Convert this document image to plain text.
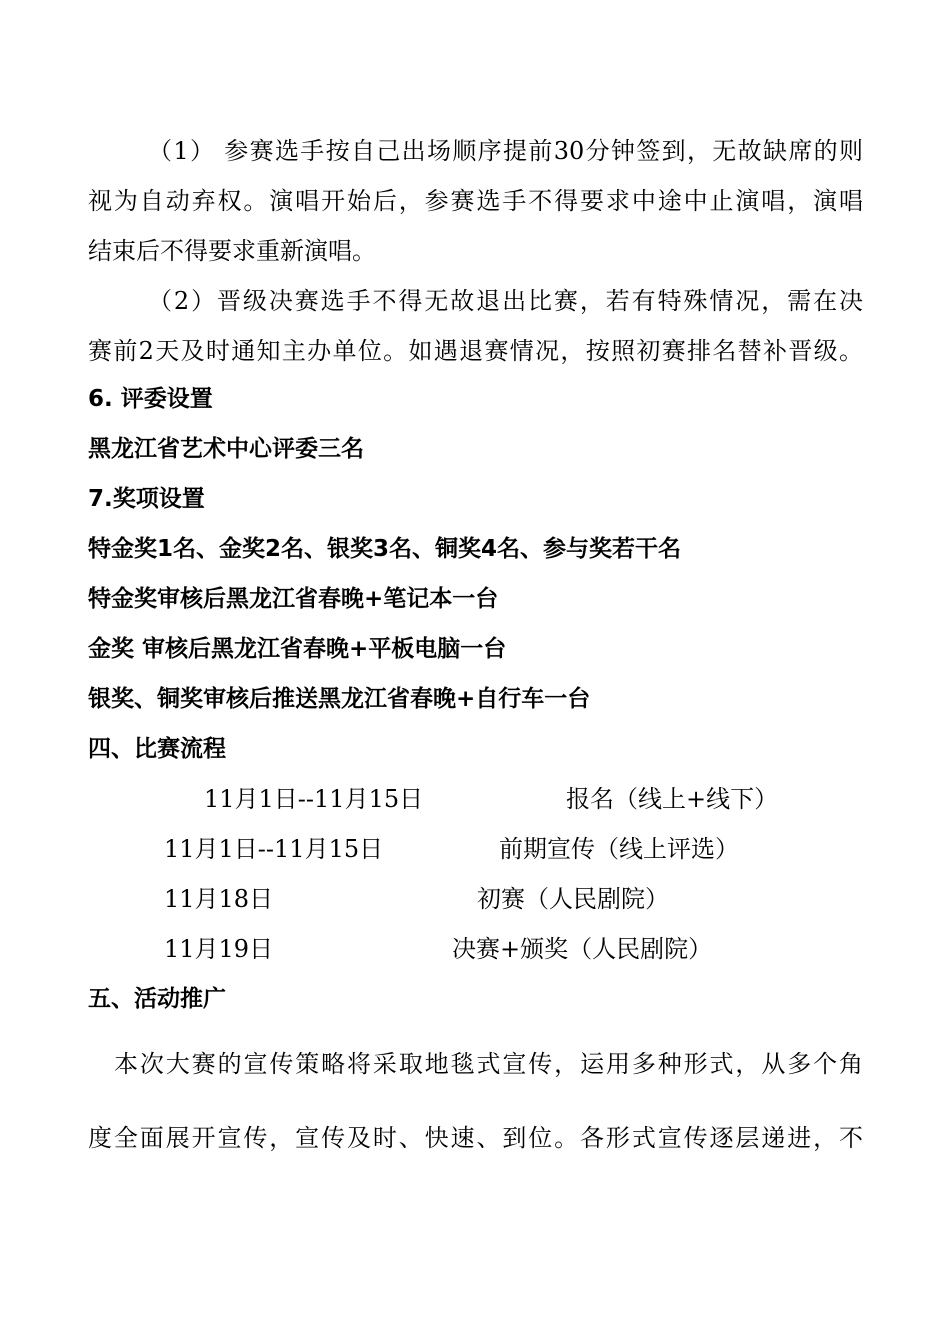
（1） 参赛选手按自己出场顺序提前30分钟签到，无故缺席的则
视为自动弃权。演唱开始后，参赛选手不得要求中途中止演唱，演唱
结束后不得要求重新演唱。
（2）晋级决赛选手不得无故退出比赛，若有特殊情况，需在决
赛前2天及时通知主办单位。如遇退赛情况，按照初赛排名替补晋级。
6. 评委设置
黑龙江省艺术中心评委三名
7.奖项设置
特金奖1名、金奖2名、银奖3名、铜奖4名、参与奖若干名
特金奖审核后黑龙江省春晚+笔记本一台
金奖 审核后黑龙江省春晚+平板电脑一台
银奖、铜奖审核后推送黑龙江省春晚+自行车一台
四、比赛流程
11月1日--11月15日	报名（线上+线下）
11月1日--11月15日	前期宣传（线上评选）
11月18日	初赛（人民剧院）
11月19日	决赛+颁奖（人民剧院）
五、活动推广
本次大赛的宣传策略将采取地毯式宣传，运用多种形式，从多个角
度全面展开宣传，宣传及时、快速、到位。各形式宣传逐层递进，不
